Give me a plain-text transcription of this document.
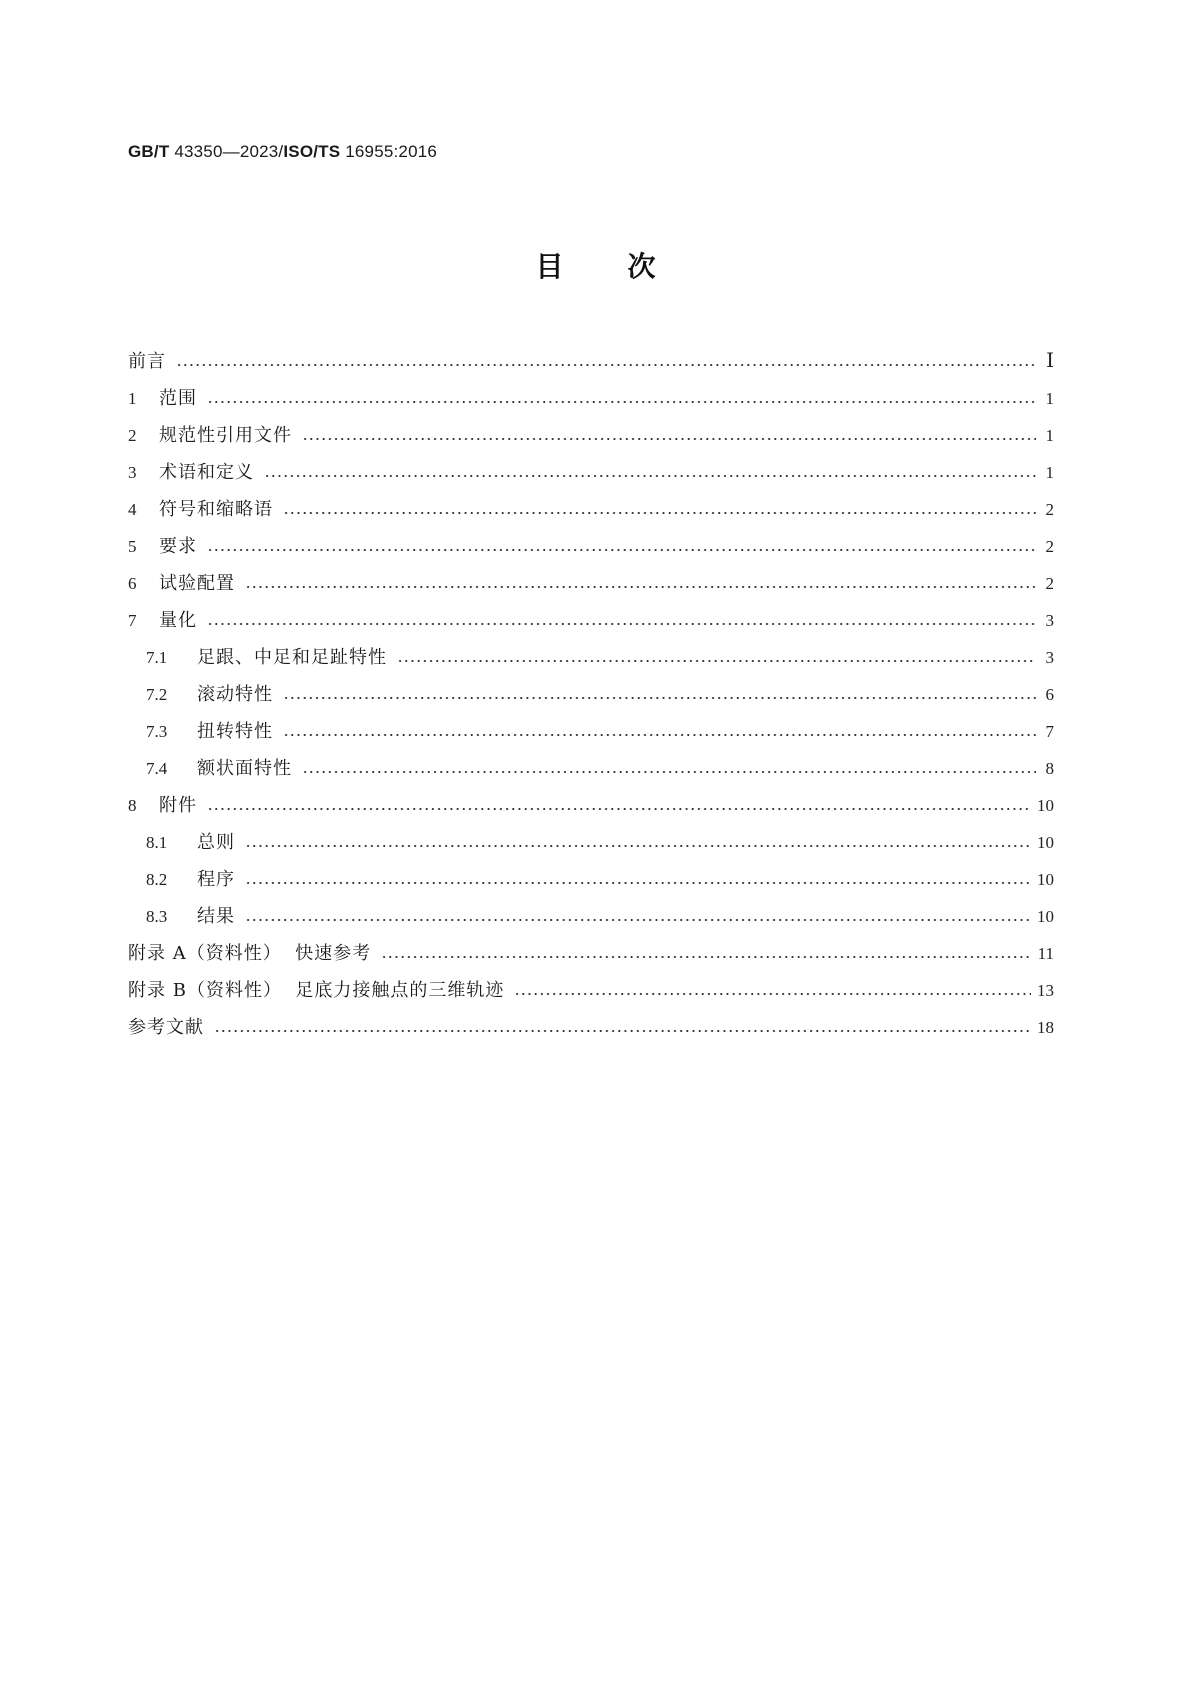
GB/T 43350—2023/ISO/TS 16955:2016
目次
前言	Ⅰ
1	范围	1
2	规范性引用文件	1
3	术语和定义	1
4	符号和缩略语	2
5	要求	2
6	试验配置	2
7	量化	3
7.1	足跟、中足和足趾特性	3
7.2	滚动特性	6
7.3	扭转特性	7
7.4	额状面特性	8
8	附件	10
8.1	总则	10
8.2	程序	10
8.3	结果	10
附录 A（资料性）  快速参考	11
附录 B（资料性）  足底力接触点的三维轨迹	13
参考文献	18
